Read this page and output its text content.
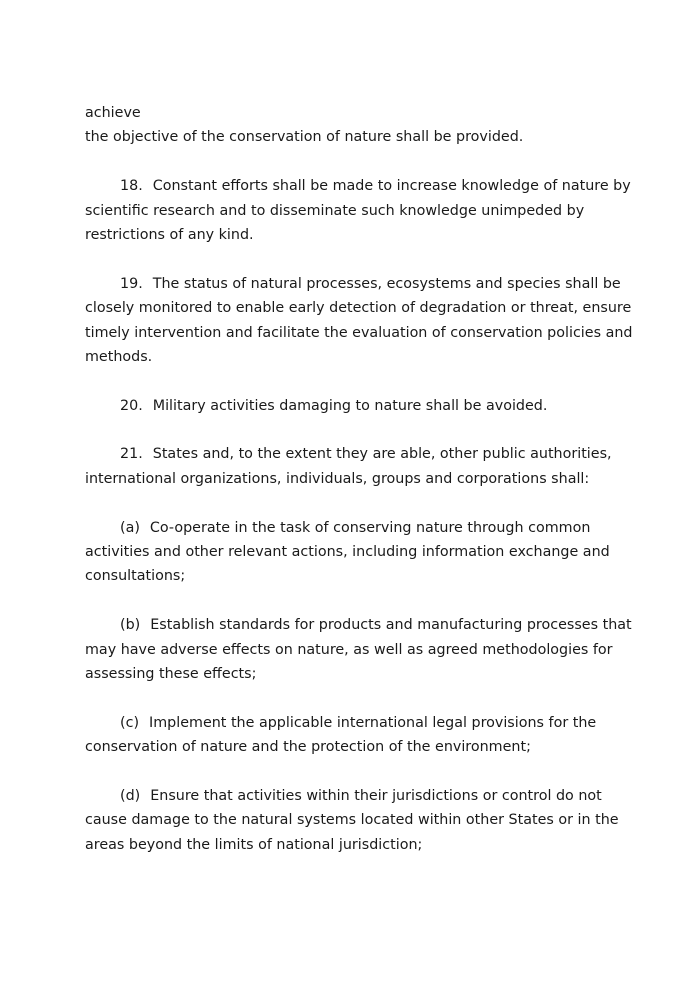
achieve
the objective of the conservation of nature shall be provided.
18. Constant efforts shall be made to increase knowledge of nature by
scientific research and to disseminate such knowledge unimpeded by
restrictions of any kind.
19. The status of natural processes, ecosystems and species shall be
closely monitored to enable early detection of degradation or threat, ensure
timely intervention and facilitate the evaluation of conservation policies and
methods.
20. Military activities damaging to nature shall be avoided.
21. States and, to the extent they are able, other public authorities,
international organizations, individuals, groups and corporations shall:
(a) Co-operate in the task of conserving nature through common
activities and other relevant actions, including information exchange and
consultations;
(b) Establish standards for products and manufacturing processes that
may have adverse effects on nature, as well as agreed methodologies for
assessing these effects;
(c) Implement the applicable international legal provisions for the
conservation of nature and the protection of the environment;
(d) Ensure that activities within their jurisdictions or control do not
cause damage to the natural systems located within other States or in the
areas beyond the limits of national jurisdiction;
